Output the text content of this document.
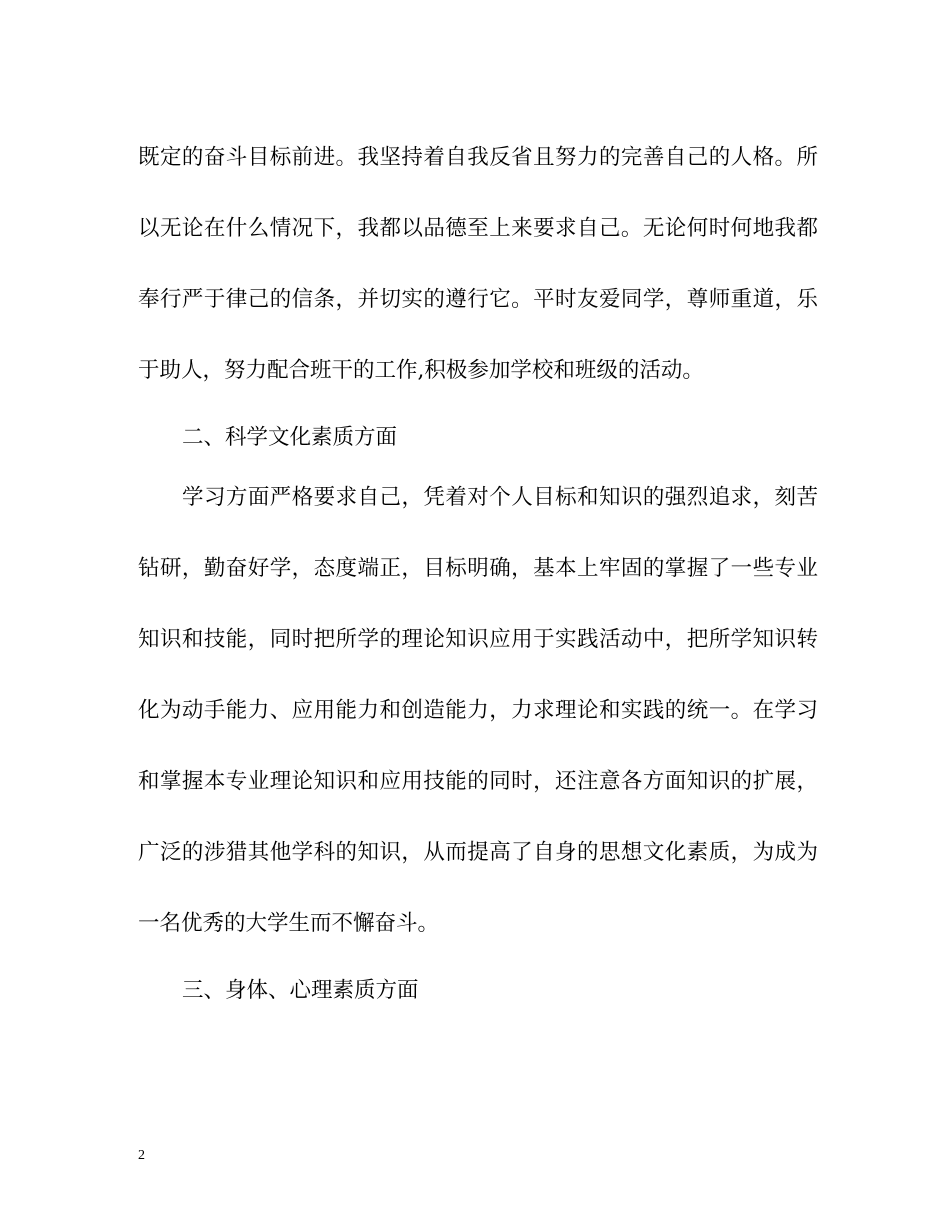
既定的奋斗目标前进。我坚持着自我反省且努力的完善自己的人格。所
以无论在什么情况下，我都以品德至上来要求自己。无论何时何地我都
奉行严于律己的信条，并切实的遵行它。平时友爱同学，尊师重道，乐
于助人，努力配合班干的工作,积极参加学校和班级的活动。
二、科学文化素质方面
学习方面严格要求自己，凭着对个人目标和知识的强烈追求，刻苦
钻研，勤奋好学，态度端正，目标明确，基本上牢固的掌握了一些专业
知识和技能，同时把所学的理论知识应用于实践活动中，把所学知识转
化为动手能力、应用能力和创造能力，力求理论和实践的统一。在学习
和掌握本专业理论知识和应用技能的同时，还注意各方面知识的扩展，
广泛的涉猎其他学科的知识，从而提高了自身的思想文化素质，为成为
一名优秀的大学生而不懈奋斗。
三、身体、心理素质方面
2
